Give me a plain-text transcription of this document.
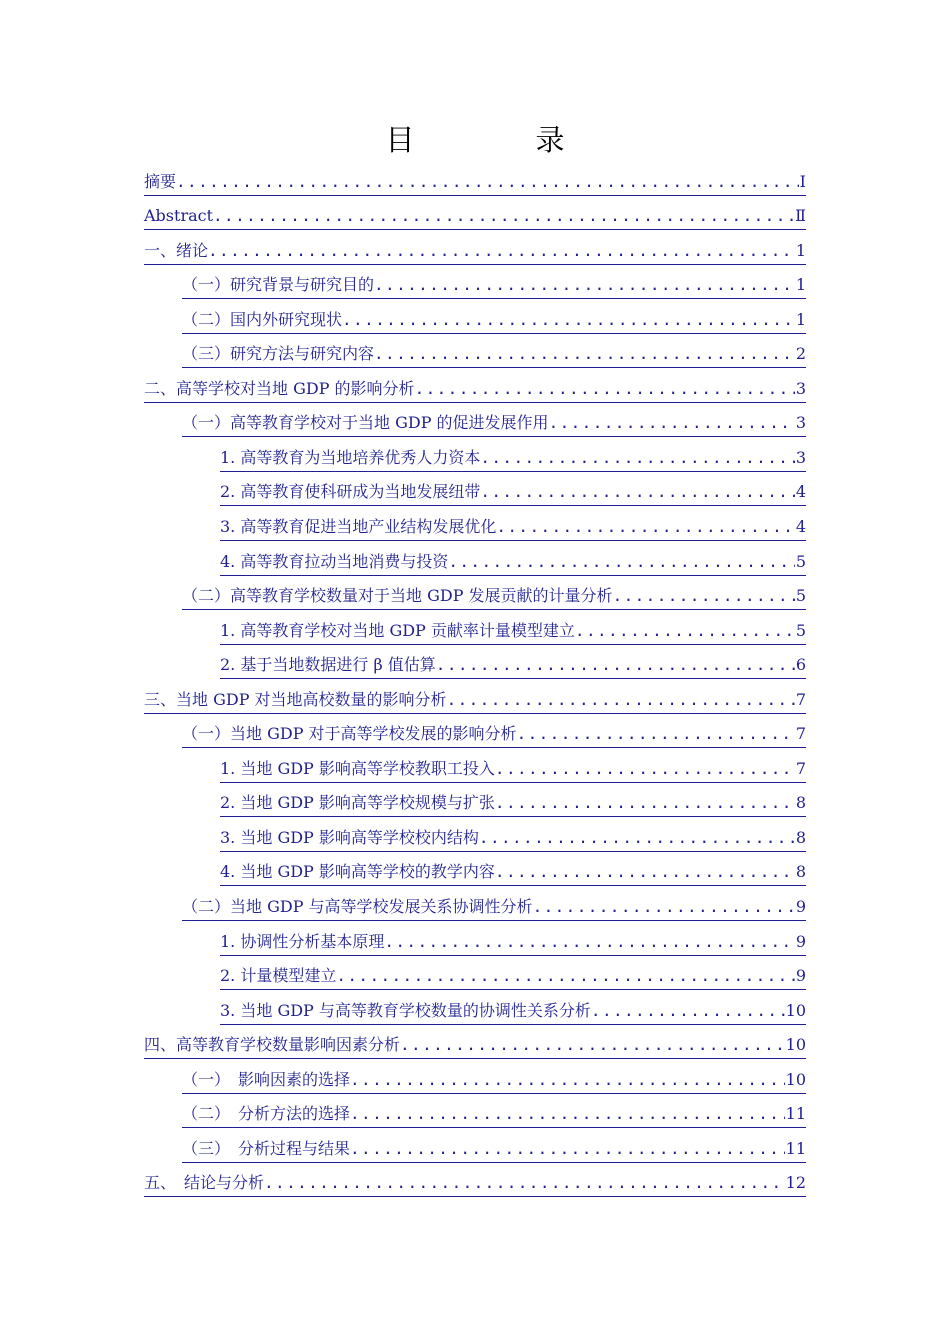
目　录
摘要 .....	Ⅰ
Abstract .....	Ⅱ
一、绪论 .....	1
（一）研究背景与研究目的 .....	1
（二）国内外研究现状 .....	1
（三）研究方法与研究内容 .....	2
二、高等学校对当地 GDP 的影响分析 .....	3
（一）高等教育学校对于当地 GDP 的促进发展作用 .....	3
1. 高等教育为当地培养优秀人力资本 .....	3
2. 高等教育使科研成为当地发展纽带 .....	4
3. 高等教育促进当地产业结构发展优化 .....	4
4. 高等教育拉动当地消费与投资 .....	5
（二）高等教育学校数量对于当地 GDP 发展贡献的计量分析 .....	5
1. 高等教育学校对当地 GDP 贡献率计量模型建立 .....	5
2. 基于当地数据进行 β 值估算 .....	6
三、当地 GDP 对当地高校数量的影响分析 .....	7
（一）当地 GDP 对于高等学校发展的影响分析 .....	7
1. 当地 GDP 影响高等学校教职工投入 .....	7
2. 当地 GDP 影响高等学校规模与扩张 .....	8
3. 当地 GDP 影响高等学校校内结构 .....	8
4. 当地 GDP 影响高等学校的教学内容 .....	8
（二）当地 GDP 与高等学校发展关系协调性分析 .....	9
1. 协调性分析基本原理 .....	9
2. 计量模型建立 .....	9
3. 当地 GDP 与高等教育学校数量的协调性关系分析 .....	10
四、高等教育学校数量影响因素分析 .....	10
（一）　影响因素的选择 .....	10
（二）　分析方法的选择 .....	11
（三）　分析过程与结果 .....	11
五、　结论与分析 .....	12
